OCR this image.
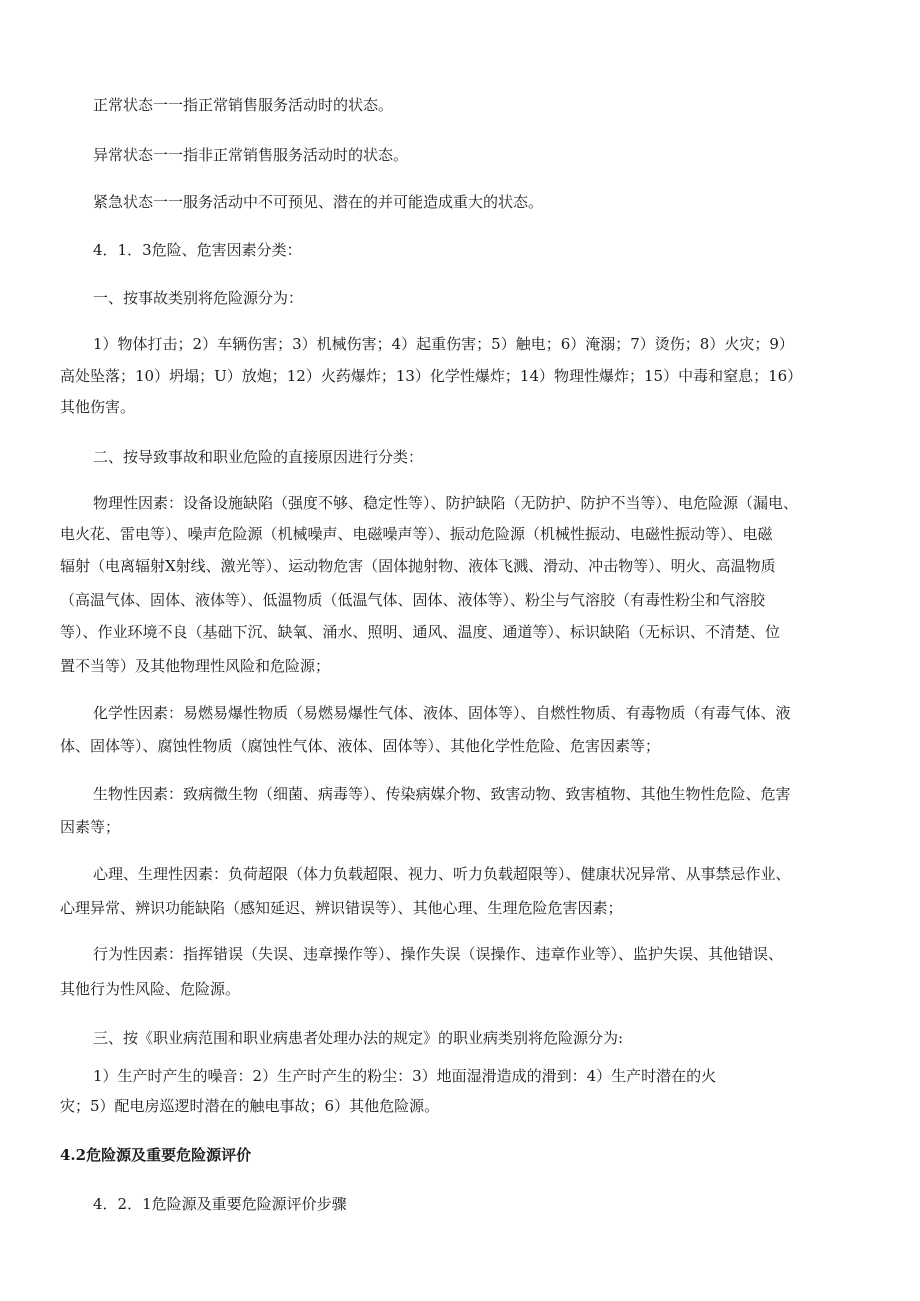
正常状态一一指正常销售服务活动时的状态。
异常状态一一指非正常销售服务活动时的状态。
紧急状态一一服务活动中不可预见、潜在的并可能造成重大的状态。
4．1．3危险、危害因素分类：
一、按事故类别将危险源分为：
1）物体打击；2）车辆伤害；3）机械伤害；4）起重伤害；5）触电；6）淹溺；7）烫伤；8）火灾；9）
高处坠落；10）坍塌；U）放炮；12）火药爆炸；13）化学性爆炸；14）物理性爆炸；15）中毒和窒息；16）
其他伤害。
二、按导致事故和职业危险的直接原因进行分类：
物理性因素：设备设施缺陷（强度不够、稳定性等）、防护缺陷（无防护、防护不当等）、电危险源（漏电、
电火花、雷电等）、噪声危险源（机械噪声、电磁噪声等）、振动危险源（机械性振动、电磁性振动等）、电磁
辐射（电离辐射X射线、激光等）、运动物危害（固体抛射物、液体飞溅、滑动、冲击物等）、明火、高温物质
（高温气体、固体、液体等）、低温物质（低温气体、固体、液体等）、粉尘与气溶胶（有毒性粉尘和气溶胶
等）、作业环境不良（基础下沉、缺氧、涌水、照明、通风、温度、通道等）、标识缺陷（无标识、不清楚、位
置不当等）及其他物理性风险和危险源；
化学性因素：易燃易爆性物质（易燃易爆性气体、液体、固体等）、自燃性物质、有毒物质（有毒气体、液
体、固体等）、腐蚀性物质（腐蚀性气体、液体、固体等）、其他化学性危险、危害因素等；
生物性因素：致病微生物（细菌、病毒等）、传染病媒介物、致害动物、致害植物、其他生物性危险、危害
因素等；
心理、生理性因素：负荷超限（体力负载超限、视力、听力负载超限等）、健康状况异常、从事禁忌作业、
心理异常、辨识功能缺陷（感知延迟、辨识错误等）、其他心理、生理危险危害因素；
行为性因素：指挥错误（失误、违章操作等）、操作失误（误操作、违章作业等）、监护失误、其他错误、
其他行为性风险、危险源。
三、按《职业病范围和职业病患者处理办法的规定》的职业病类别将危险源分为:
1）生产时产生的噪音：2）生产时产生的粉尘：3）地面湿滑造成的滑到：4）生产时潜在的火
灾；5）配电房巡逻时潜在的触电事故；6）其他危险源。
4.2危险源及重要危险源评价
4．2．1危险源及重要危险源评价步骤
